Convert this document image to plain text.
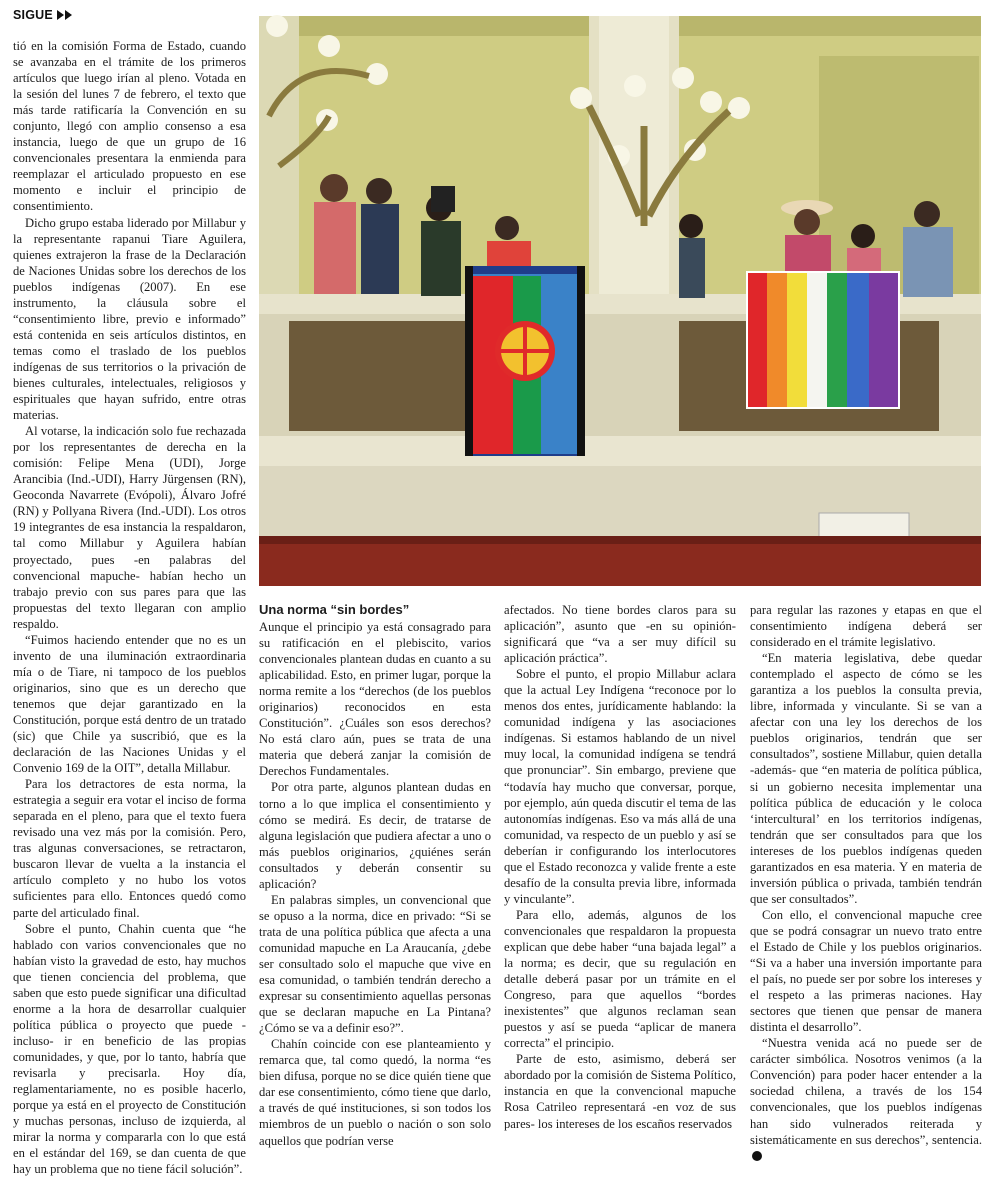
SIGUE

tió en la comisión Forma de Estado, cuando se avanzaba en el trámite de los primeros artículos que luego irían al pleno. Votada en la sesión del lunes 7 de febrero, el texto que más tarde ratificaría la Convención en su conjunto, llegó con amplio consenso a esa instancia, luego de que un grupo de 16 convencionales presentara la enmienda para reemplazar el articulado propuesto en ese momento e incluir el principio de consentimiento.

Dicho grupo estaba liderado por Millabur y la representante rapanui Tiare Aguilera, quienes extrajeron la frase de la Declaración de Naciones Unidas sobre los derechos de los pueblos indígenas (2007). En ese instrumento, la cláusula sobre el “consentimiento libre, previo e informado” está contenida en seis artículos distintos, en temas como el traslado de los pueblos indígenas de sus territorios o la privación de bienes culturales, intelectuales, religiosos y espirituales que hayan sufrido, entre otras materias.

Al votarse, la indicación solo fue rechazada por los representantes de derecha en la comisión: Felipe Mena (UDI), Jorge Arancibia (Ind.-UDI), Harry Jürgensen (RN), Geoconda Navarrete (Evópoli), Álvaro Jofré (RN) y Pollyana Rivera (Ind.-UDI). Los otros 19 integrantes de esa instancia la respaldaron, tal como Millabur y Aguilera habían proyectado, pues -en palabras del convencional mapuche- habían hecho un trabajo previo con sus pares para que las propuestas del texto llegaran con amplio respaldo.

“Fuimos haciendo entender que no es un invento de una iluminación extraordinaria mía o de Tiare, ni tampoco de los pueblos originarios, sino que es un derecho que tenemos que dejar garantizado en la Constitución, porque está dentro de un tratado (sic) que Chile ya suscribió, que es la declaración de las Naciones Unidas y el Convenio 169 de la OIT”, detalla Millabur.

Para los detractores de esta norma, la estrategia a seguir era votar el inciso de forma separada en el pleno, para que el texto fuera revisado una vez más por la comisión. Pero, tras algunas conversaciones, se retractaron, buscaron llevar de vuelta a la instancia el artículo completo y no hubo los votos suficientes para ello. Entonces quedó como parte del articulado final.

Sobre el punto, Chahin cuenta que “he hablado con varios convencionales que no habían visto la gravedad de esto, hay muchos que tienen conciencia del problema, que saben que esto puede significar una dificultad enorme a la hora de desarrollar cualquier política pública o proyecto que puede -incluso- ir en beneficio de las propias comunidades, y que, por lo tanto, habría que revisarla y precisarla. Hoy día, reglamentariamente, no es posible hacerlo, porque ya está en el proyecto de Constitución y muchas personas, incluso de izquierda, al mirar la norma y compararla con lo que está en el estándar del 169, se dan cuenta de que hay un problema que no tiene fácil solución”.

Una norma “sin bordes”

Aunque el principio ya está consagrado para su ratificación en el plebiscito, varios convencionales plantean dudas en cuanto a su aplicabilidad. Esto, en primer lugar, porque la norma remite a los “derechos (de los pueblos originarios) reconocidos en esta Constitución”. ¿Cuáles son esos derechos? No está claro aún, pues se trata de una materia que deberá zanjar la comisión de Derechos Fundamentales.

Por otra parte, algunos plantean dudas en torno a lo que implica el consentimiento y cómo se medirá. Es decir, de tratarse de alguna legislación que pudiera afectar a uno o más pueblos originarios, ¿quiénes serán consultados y deberán consentir su aplicación?

En palabras simples, un convencional que se opuso a la norma, dice en privado: “Si se trata de una política pública que afecta a una comunidad mapuche en La Araucanía, ¿debe ser consultado solo el mapuche que vive en esa comunidad, o también tendrán derecho a expresar su consentimiento aquellas personas que se declaran mapuche en La Pintana? ¿Cómo se va a definir eso?”.

Chahín coincide con ese planteamiento y remarca que, tal como quedó, la norma “es bien difusa, porque no se dice quién tiene que dar ese consentimiento, cómo tiene que darlo, a través de qué instituciones, si son todos los miembros de un pueblo o nación o son solo aquellos que podrían verse

afectados. No tiene bordes claros para su aplicación”, asunto que -en su opinión- significará que “va a ser muy difícil su aplicación práctica”.

Sobre el punto, el propio Millabur aclara que la actual Ley Indígena “reconoce por lo menos dos entes, jurídicamente hablando: la comunidad indígena y las asociaciones indígenas. Si estamos hablando de un nivel muy local, la comunidad indígena se tendrá que pronunciar”. Sin embargo, previene que “todavía hay mucho que conversar, porque, por ejemplo, aún queda discutir el tema de las autonomías indígenas. Eso va más allá de una comunidad, va respecto de un pueblo y así se deberían ir configurando los interlocutores que el Estado reconozca y valide frente a este desafío de la consulta previa libre, informada y vinculante”.

Para ello, además, algunos de los convencionales que respaldaron la propuesta explican que debe haber “una bajada legal” a la norma; es decir, que su regulación en detalle deberá pasar por un trámite en el Congreso, para que aquellos “bordes inexistentes” que algunos reclaman sean puestos y así se pueda “aplicar de manera correcta” el principio.

Parte de esto, asimismo, deberá ser abordado por la comisión de Sistema Político, instancia en que la convencional mapuche Rosa Catrileo representará -en voz de sus pares- los intereses de los escaños reservados

para regular las razones y etapas en que el consentimiento indígena deberá ser considerado en el trámite legislativo.

“En materia legislativa, debe quedar contemplado el aspecto de cómo se les garantiza a los pueblos la consulta previa, libre, informada y vinculante. Si se van a afectar con una ley los derechos de los pueblos originarios, tendrán que ser consultados”, sostiene Millabur, quien detalla -además- que “en materia de política pública, si un gobierno necesita implementar una política pública de educación y le coloca ‘intercultural’ en los territorios indígenas, tendrán que ser consultados para que los intereses de los pueblos indígenas queden garantizados en esa materia. Y en materia de inversión pública o privada, también tendrán que ser consultados”.

Con ello, el convencional mapuche cree que se podrá consagrar un nuevo trato entre el Estado de Chile y los pueblos originarios. “Si va a haber una inversión importante para el país, no puede ser por sobre los intereses y el respeto a las primeras naciones. Hay sectores que tienen que pensar de manera distinta el desarrollo”.

“Nuestra venida acá no puede ser de carácter simbólica. Nosotros venimos (a la Convención) para poder hacer entender a la sociedad chilena, a través de los 154 convencionales, que los pueblos indígenas han sido vulnerados reiterada y sistemáticamente en sus derechos”, sentencia.
